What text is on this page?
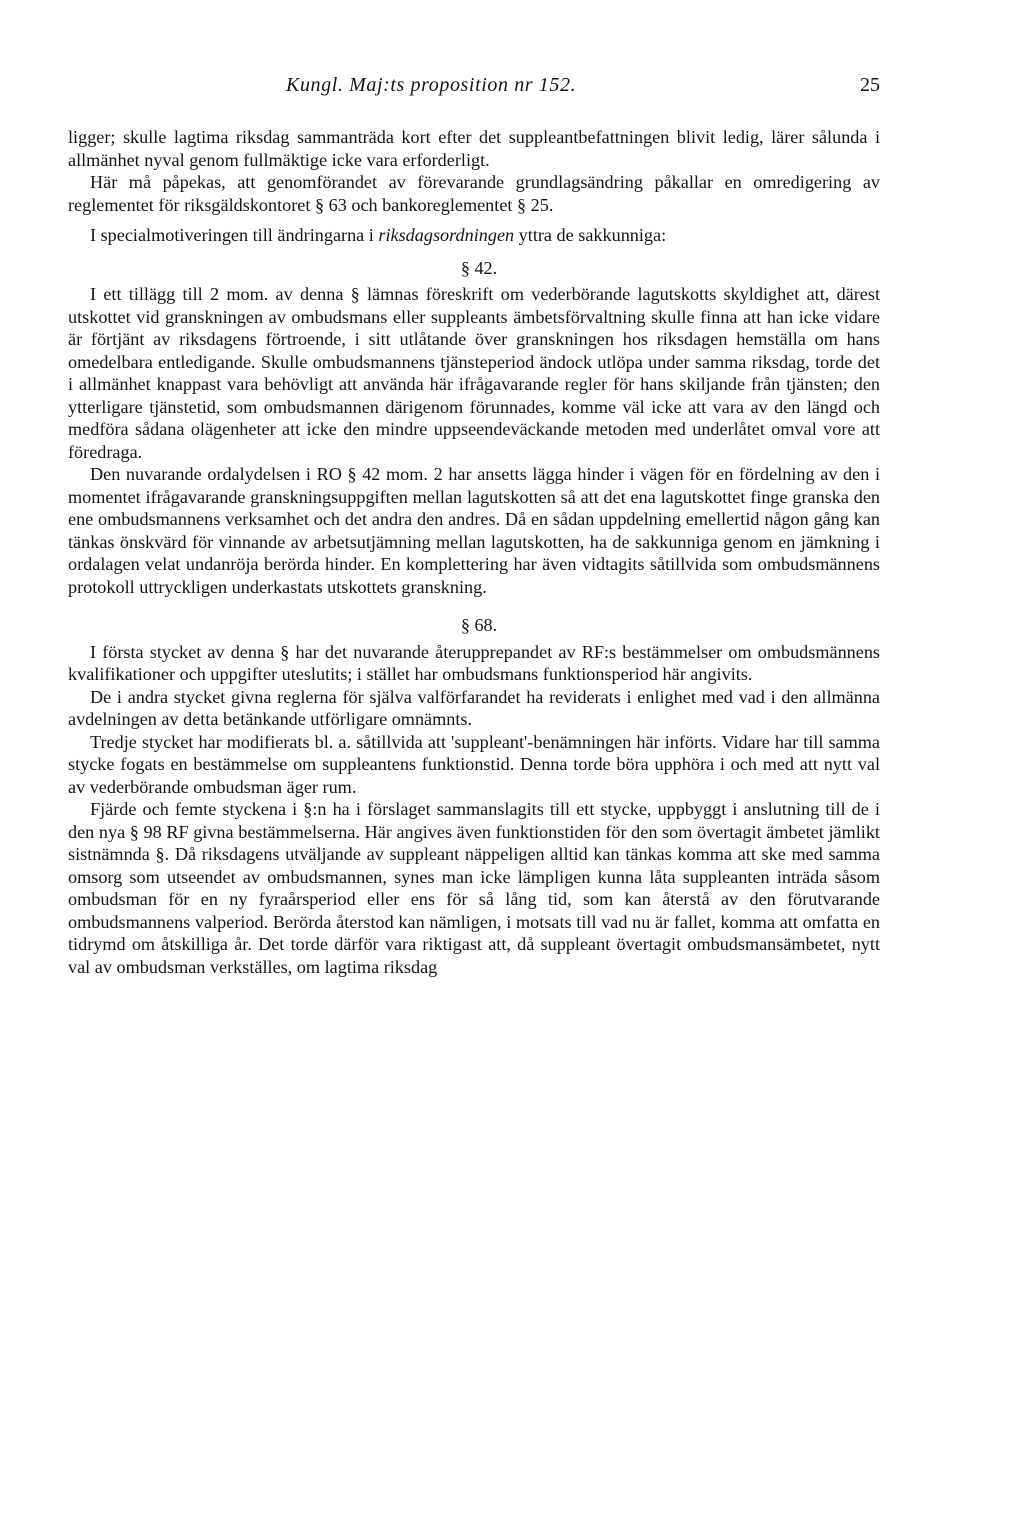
Kungl. Maj:ts proposition nr 152.	25

ligger; skulle lagtima riksdag sammanträda kort efter det suppleantbefattningen blivit ledig, lärer sålunda i allmänhet nyval genom fullmäktige icke vara erforderligt.

Här må påpekas, att genomförandet av förevarande grundlagsändring påkallar en omredigering av reglementet för riksgäldskontoret § 63 och bankoreglementet § 25.

I specialmotiveringen till ändringarna i riksdagsordningen yttra de sakkunniga:

§ 42.

I ett tillägg till 2 mom. av denna § lämnas föreskrift om vederbörande lagutskotts skyldighet att, därest utskottet vid granskningen av ombudsmans eller suppleants ämbetsförvaltning skulle finna att han icke vidare är förtjänt av riksdagens förtroende, i sitt utlåtande över granskningen hos riksdagen hemställa om hans omedelbara entledigande. Skulle ombudsmannens tjänsteperiod ändock utlöpa under samma riksdag, torde det i allmänhet knappast vara behövligt att använda här ifrågavarande regler för hans skiljande från tjänsten; den ytterligare tjänstetid, som ombudsmannen därigenom förunnades, komme väl icke att vara av den längd och medföra sådana olägenheter att icke den mindre uppseendeväckande metoden med underlåtet omval vore att föredraga.

Den nuvarande ordalydelsen i RO § 42 mom. 2 har ansetts lägga hinder i vägen för en fördelning av den i momentet ifrågavarande granskningsuppgiften mellan lagutskotten så att det ena lagutskottet finge granska den ene ombudsmannens verksamhet och det andra den andres. Då en sådan uppdelning emellertid någon gång kan tänkas önskvärd för vinnande av arbetsutjämning mellan lagutskotten, ha de sakkunniga genom en jämkning i ordalagen velat undanröja berörda hinder. En komplettering har även vidtagits såtillvida som ombudsmännens protokoll uttryckligen underkastats utskottets granskning.

§ 68.

I första stycket av denna § har det nuvarande återupprepandet av RF:s bestämmelser om ombudsmännens kvalifikationer och uppgifter uteslutits; i stället har ombudsmans funktionsperiod här angivits.

De i andra stycket givna reglerna för själva valförfarandet ha reviderats i enlighet med vad i den allmänna avdelningen av detta betänkande utförligare omnämnts.

Tredje stycket har modifierats bl. a. såtillvida att 'suppleant'-benämningen här införts. Vidare har till samma stycke fogats en bestämmelse om suppleantens funktionstid. Denna torde böra upphöra i och med att nytt val av vederbörande ombudsman äger rum.

Fjärde och femte styckena i §:n ha i förslaget sammanslagits till ett stycke, uppbyggt i anslutning till de i den nya § 98 RF givna bestämmelserna. Här angives även funktionstiden för den som övertagit ämbetet jämlikt sistnämnda §. Då riksdagens utväljande av suppleant näppeligen alltid kan tänkas komma att ske med samma omsorg som utseendet av ombudsmannen, synes man icke lämpligen kunna låta suppleanten inträda såsom ombudsman för en ny fyraårsperiod eller ens för så lång tid, som kan återstå av den förutvarande ombudsmannens valperiod. Berörda återstod kan nämligen, i motsats till vad nu är fallet, komma att omfatta en tidrymd om åtskilliga år. Det torde därför vara riktigast att, då suppleant övertagit ombudsmansämbetet, nytt val av ombudsman verkställes, om lagtima riksdag
